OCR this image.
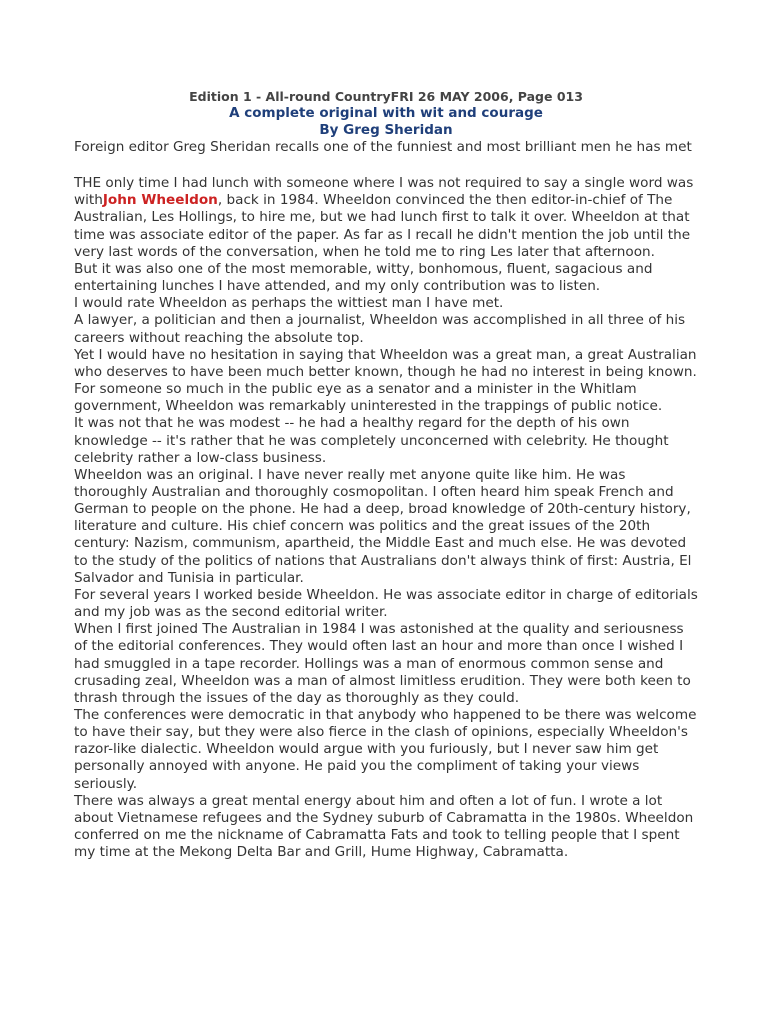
Edition 1 - All-round CountryFRI 26 MAY 2006, Page 013
A complete original with wit and courage
By Greg Sheridan

Foreign editor Greg Sheridan recalls one of the funniest and most brilliant men he has met

THE only time I had lunch with someone where I was not required to say a single word was withJohn Wheeldon, back in 1984. Wheeldon convinced the then editor-in-chief of The Australian, Les Hollings, to hire me, but we had lunch first to talk it over. Wheeldon at that time was associate editor of the paper. As far as I recall he didn't mention the job until the very last words of the conversation, when he told me to ring Les later that afternoon.

But it was also one of the most memorable, witty, bonhomous, fluent, sagacious and entertaining lunches I have attended, and my only contribution was to listen.

I would rate Wheeldon as perhaps the wittiest man I have met.

A lawyer, a politician and then a journalist, Wheeldon was accomplished in all three of his careers without reaching the absolute top.

Yet I would have no hesitation in saying that Wheeldon was a great man, a great Australian who deserves to have been much better known, though he had no interest in being known.

For someone so much in the public eye as a senator and a minister in the Whitlam government, Wheeldon was remarkably uninterested in the trappings of public notice.

It was not that he was modest -- he had a healthy regard for the depth of his own knowledge -- it's rather that he was completely unconcerned with celebrity. He thought celebrity rather a low-class business.

Wheeldon was an original. I have never really met anyone quite like him. He was thoroughly Australian and thoroughly cosmopolitan. I often heard him speak French and German to people on the phone. He had a deep, broad knowledge of 20th-century history, literature and culture. His chief concern was politics and the great issues of the 20th century: Nazism, communism, apartheid, the Middle East and much else. He was devoted to the study of the politics of nations that Australians don't always think of first: Austria, El Salvador and Tunisia in particular.

For several years I worked beside Wheeldon. He was associate editor in charge of editorials and my job was as the second editorial writer.

When I first joined The Australian in 1984 I was astonished at the quality and seriousness of the editorial conferences. They would often last an hour and more than once I wished I had smuggled in a tape recorder. Hollings was a man of enormous common sense and crusading zeal, Wheeldon was a man of almost limitless erudition. They were both keen to thrash through the issues of the day as thoroughly as they could.

The conferences were democratic in that anybody who happened to be there was welcome to have their say, but they were also fierce in the clash of opinions, especially Wheeldon's razor-like dialectic. Wheeldon would argue with you furiously, but I never saw him get personally annoyed with anyone. He paid you the compliment of taking your views seriously.

There was always a great mental energy about him and often a lot of fun. I wrote a lot about Vietnamese refugees and the Sydney suburb of Cabramatta in the 1980s. Wheeldon conferred on me the nickname of Cabramatta Fats and took to telling people that I spent my time at the Mekong Delta Bar and Grill, Hume Highway, Cabramatta.
